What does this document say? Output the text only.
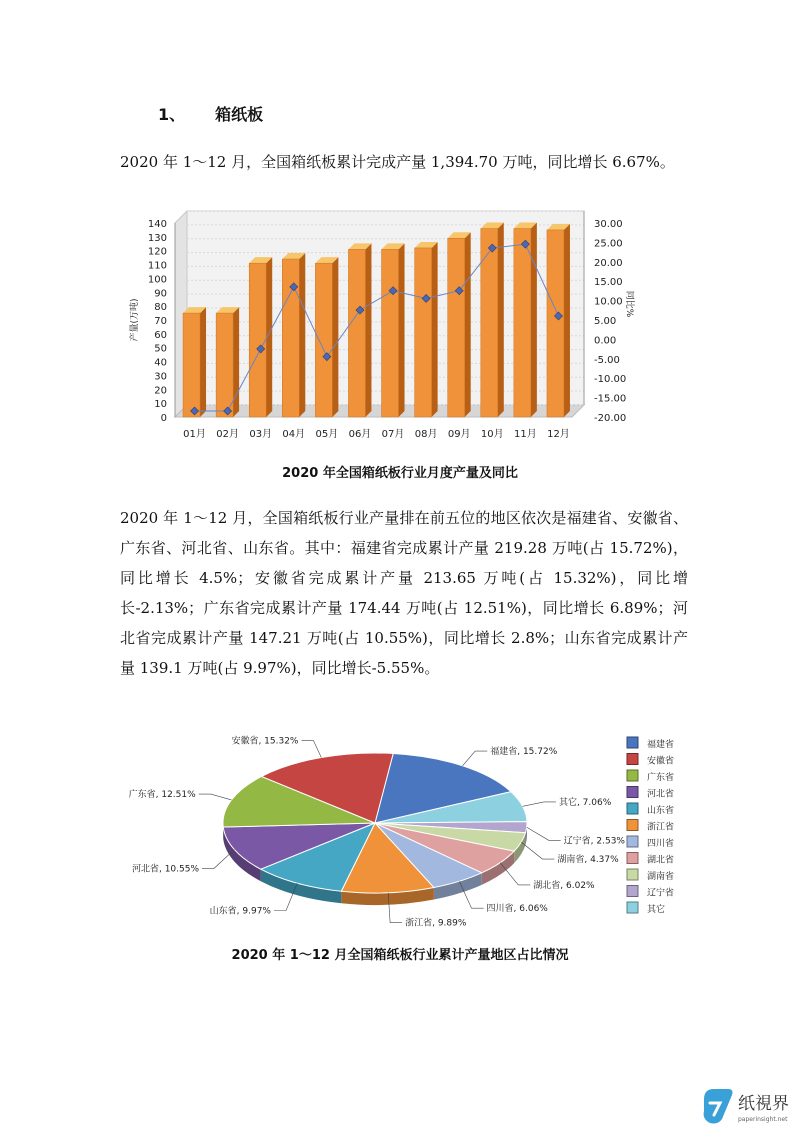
1、 箱纸板
2020 年 1～12 月，全国箱纸板累计完成产量 1,394.70 万吨，同比增长 6.67%。
0
10
20
30
40
50
60
70
80
90
100
110
120
130
140
-20.00
-15.00
-10.00
-5.00
0.00
5.00
10.00
15.00
20.00
25.00
30.00
产量(万吨)	同比%
01月 02月 03月 04月 05月 06月 07月 08月 09月 10月 11月 12月
2020 年全国箱纸板行业月度产量及同比
2020 年 1～12 月，全国箱纸板行业产量排在前五位的地区依次是福建省、安徽省、广东省、河北省、山东省。其中：福建省完成累计产量 219.28 万吨(占 15.72%)，同比增长 4.5%；安徽省完成累计产量 213.65 万吨(占 15.32%)，同比增长-2.13%；广东省完成累计产量 174.44 万吨(占 12.51%)，同比增长 6.89%；河北省完成累计产量 147.21 万吨(占 10.55%)，同比增长 2.8%；山东省完成累计产量 139.1 万吨(占 9.97%)，同比增长-5.55%。
福建省, 15.72%
其它, 7.06%
辽宁省, 2.53%
湖南省, 4.37%
湖北省, 6.02%
四川省, 6.06%
浙江省, 9.89%
山东省, 9.97%
河北省, 10.55%
广东省, 12.51%
安徽省, 15.32%	福建省
安徽省
广东省
河北省
山东省
浙江省
四川省
湖北省
湖南省
辽宁省
其它
2020 年 1～12 月全国箱纸板行业累计产量地区占比情况
纸視界
paperinsight.net
